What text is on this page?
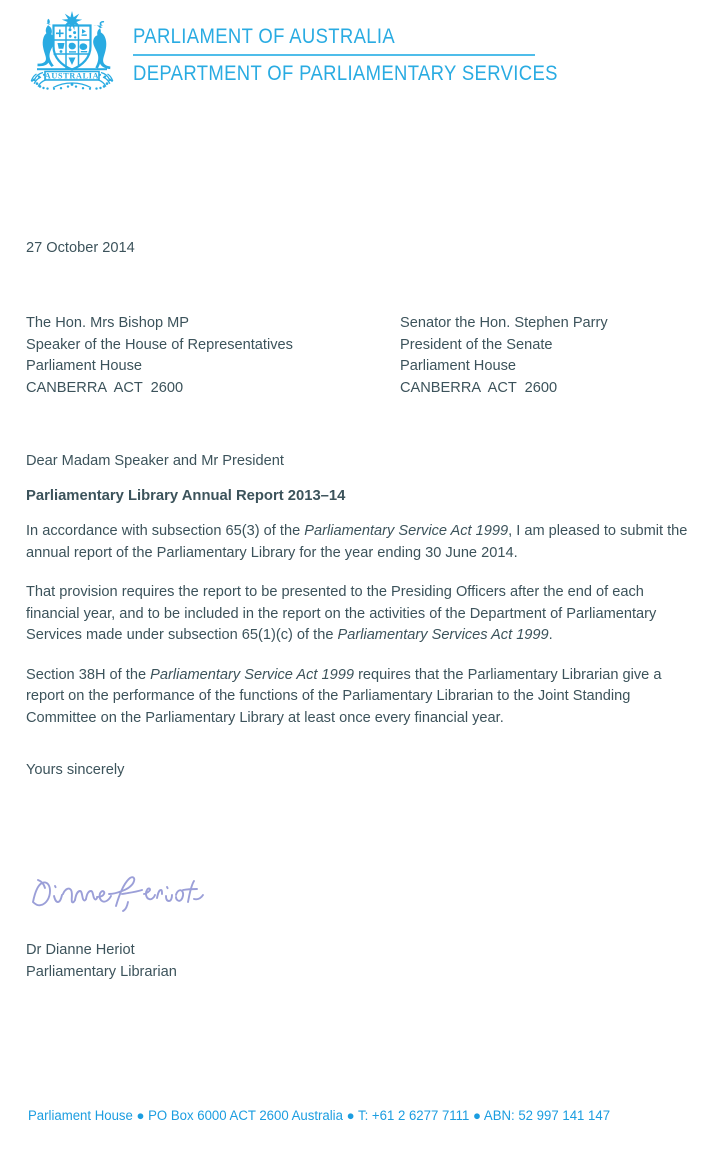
AUSTRALIA
PARLIAMENT OF AUSTRALIA
DEPARTMENT OF PARLIAMENTARY SERVICES
27 October 2014
The Hon. Mrs Bishop MP	Senator the Hon. Stephen Parry
Speaker of the House of Representatives	President of the Senate
Parliament House	Parliament House
CANBERRA  ACT  2600	CANBERRA  ACT  2600
Dear Madam Speaker and Mr President
Parliamentary Library Annual Report 2013–14

In accordance with subsection 65(3) of the Parliamentary Service Act 1999, I am pleased to submit the annual report of the Parliamentary Library for the year ending 30 June 2014.

That provision requires the report to be presented to the Presiding Officers after the end of each financial year, and to be included in the report on the activities of the Department of Parliamentary Services made under subsection 65(1)(c) of the Parliamentary Services Act 1999.

Section 38H of the Parliamentary Service Act 1999 requires that the Parliamentary Librarian give a report on the performance of the functions of the Parliamentary Librarian to the Joint Standing Committee on the Parliamentary Library at least once every financial year.

Yours sincerely
Dr Dianne Heriot
Parliamentary Librarian
Parliament House ● PO Box 6000 ACT 2600 Australia ● T: +61 2 6277 7111 ● ABN: 52 997 141 147
